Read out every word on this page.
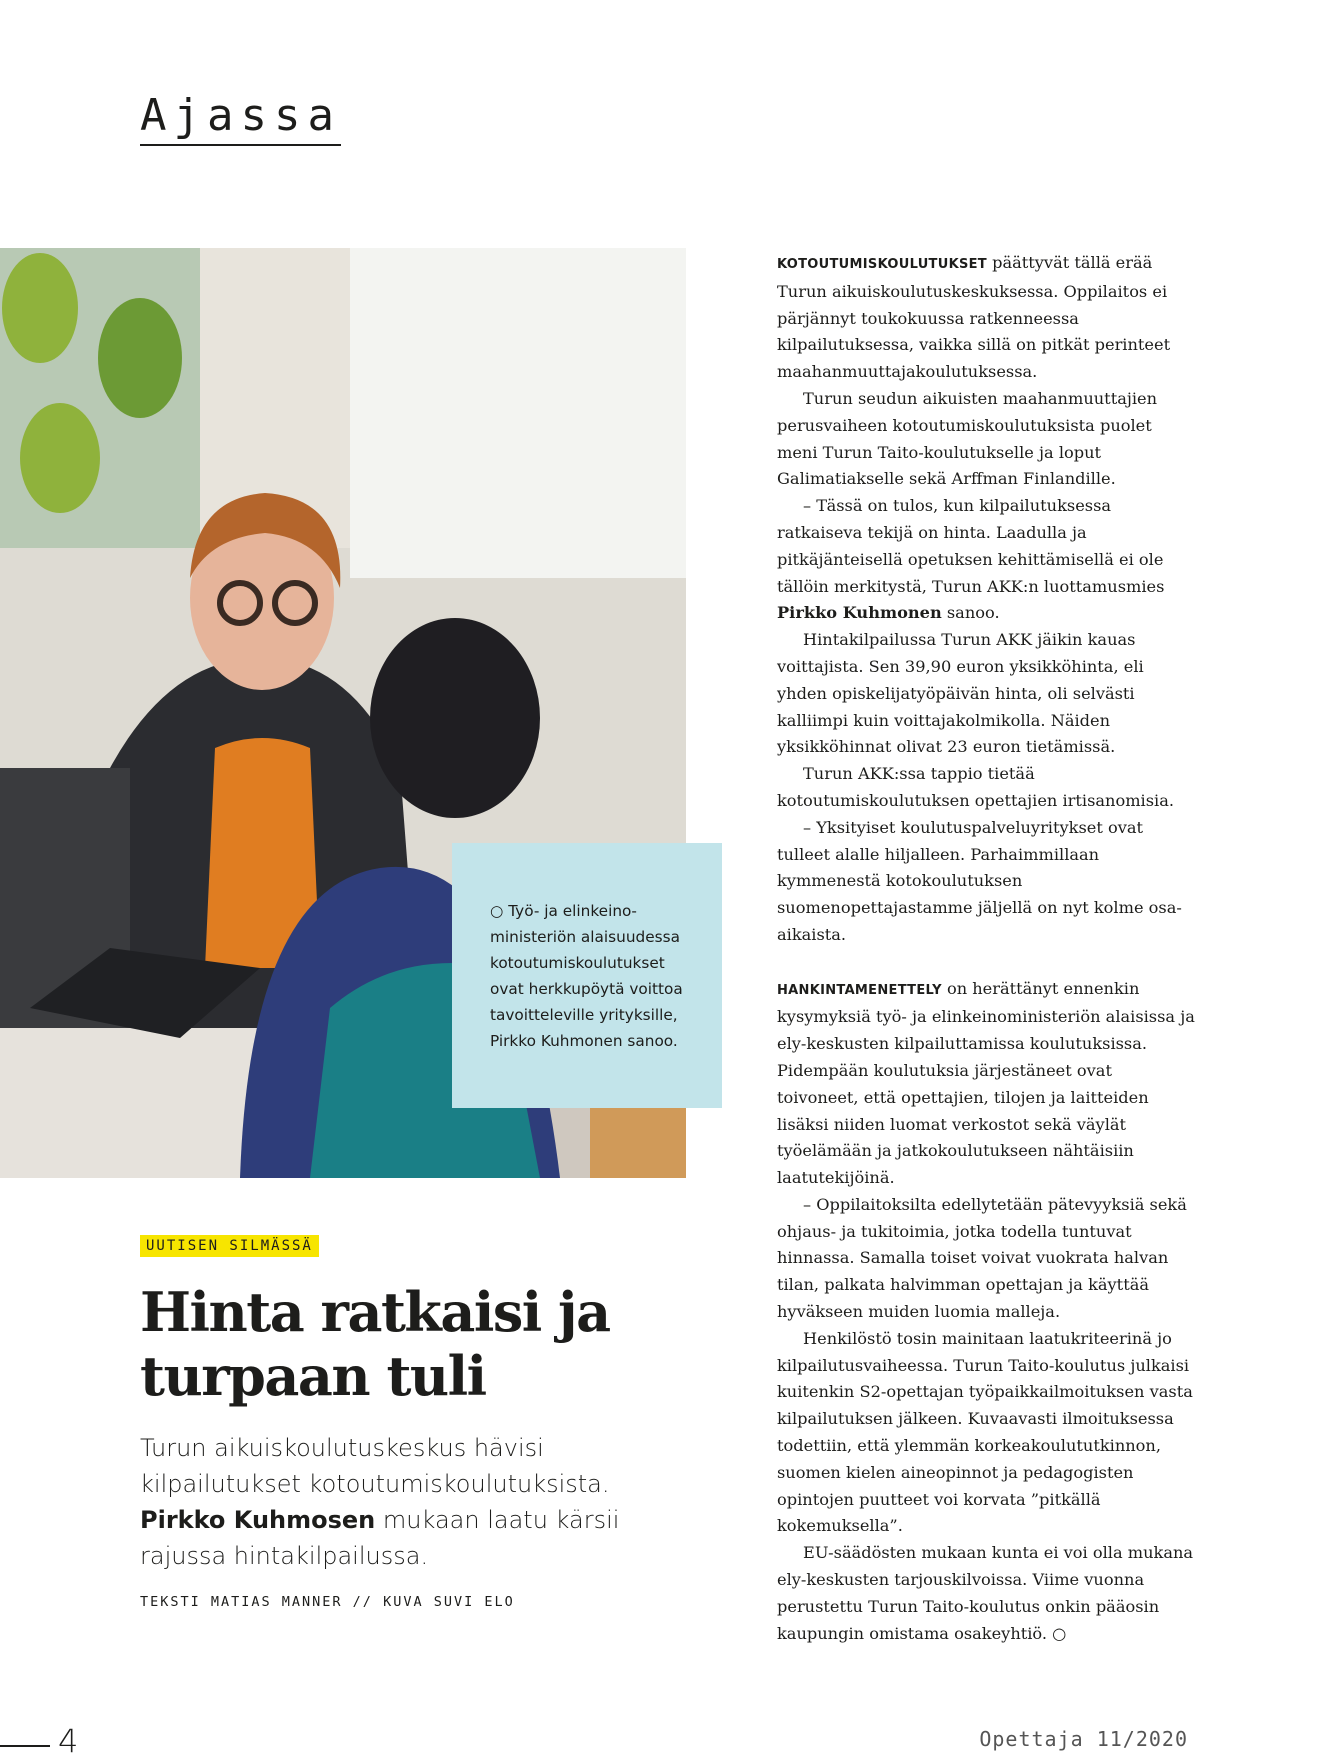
Ajassa

○ Työ- ja elinkeinoministeriön alaisuudessa kotoutumiskoulutukset ovat herkkupöytä voittoa tavoitteleville yrityksille, Pirkko Kuhmonen sanoo.

UUTISEN SILMÄSSÄ
Hinta ratkaisi ja
turpaan tuli

Turun aikuiskoulutuskeskus hävisi kilpailutukset kotoutumiskoulutuksista. Pirkko Kuhmosen mukaan laatu kärsii rajussa hintakilpailussa.

TEKSTI MATIAS MANNER // KUVA SUVI ELO

KOTOUTUMISKOULUTUKSET päättyvät tällä erää Turun aikuiskoulutuskeskuksessa. Oppilaitos ei pärjännyt toukokuussa ratkenneessa kilpailutuksessa, vaikka sillä on pitkät perinteet maahanmuuttajakoulutuksessa.

Turun seudun aikuisten maahanmuuttajien perusvaiheen kotoutumiskoulutuksista puolet meni Turun Taito-koulutukselle ja loput Galimatiakselle sekä Arffman Finlandille.

– Tässä on tulos, kun kilpailutuksessa ratkaiseva tekijä on hinta. Laadulla ja pitkäjänteisellä opetuksen kehittämisellä ei ole tällöin merkitystä, Turun AKK:n luottamusmies Pirkko Kuhmonen sanoo.

Hintakilpailussa Turun AKK jäikin kauas voittajista. Sen 39,90 euron yksikköhinta, eli yhden opiskelijatyöpäivän hinta, oli selvästi kalliimpi kuin voittajakolmikolla. Näiden yksikköhinnat olivat 23 euron tietämissä.

Turun AKK:ssa tappio tietää kotoutumiskoulutuksen opettajien irtisanomisia.

– Yksityiset koulutuspalveluyritykset ovat tulleet alalle hiljalleen. Parhaimmillaan kymmenestä kotokoulutuksen suomenopettajastamme jäljellä on nyt kolme osa-aikaista.

HANKINTAMENETTELY on herättänyt ennenkin kysymyksiä työ- ja elinkeinoministeriön alaisissa ja ely-keskusten kilpailuttamissa koulutuksissa. Pidempään koulutuksia järjestäneet ovat toivoneet, että opettajien, tilojen ja laitteiden lisäksi niiden luomat verkostot sekä väylät työelämään ja jatkokoulutukseen nähtäisiin laatutekijöinä.

– Oppilaitoksilta edellytetään pätevyyksiä sekä ohjaus- ja tukitoimia, jotka todella tuntuvat hinnassa. Samalla toiset voivat vuokrata halvan tilan, palkata halvimman opettajan ja käyttää hyväkseen muiden luomia malleja.

Henkilöstö tosin mainitaan laatukriteerinä jo kilpailutusvaiheessa. Turun Taito-koulutus julkaisi kuitenkin S2-opettajan työpaikkailmoituksen vasta kilpailutuksen jälkeen. Kuvaavasti ilmoituksessa todettiin, että ylemmän korkeakoulututkinnon, suomen kielen aineopinnot ja pedagogisten opintojen puutteet voi korvata ”pitkällä kokemuksella”.

EU-säädösten mukaan kunta ei voi olla mukana ely-keskusten tarjouskilvoissa. Viime vuonna perustettu Turun Taito-koulutus onkin pääosin kaupungin omistama osakeyhtiö. ○

4	Opettaja 11/2020
